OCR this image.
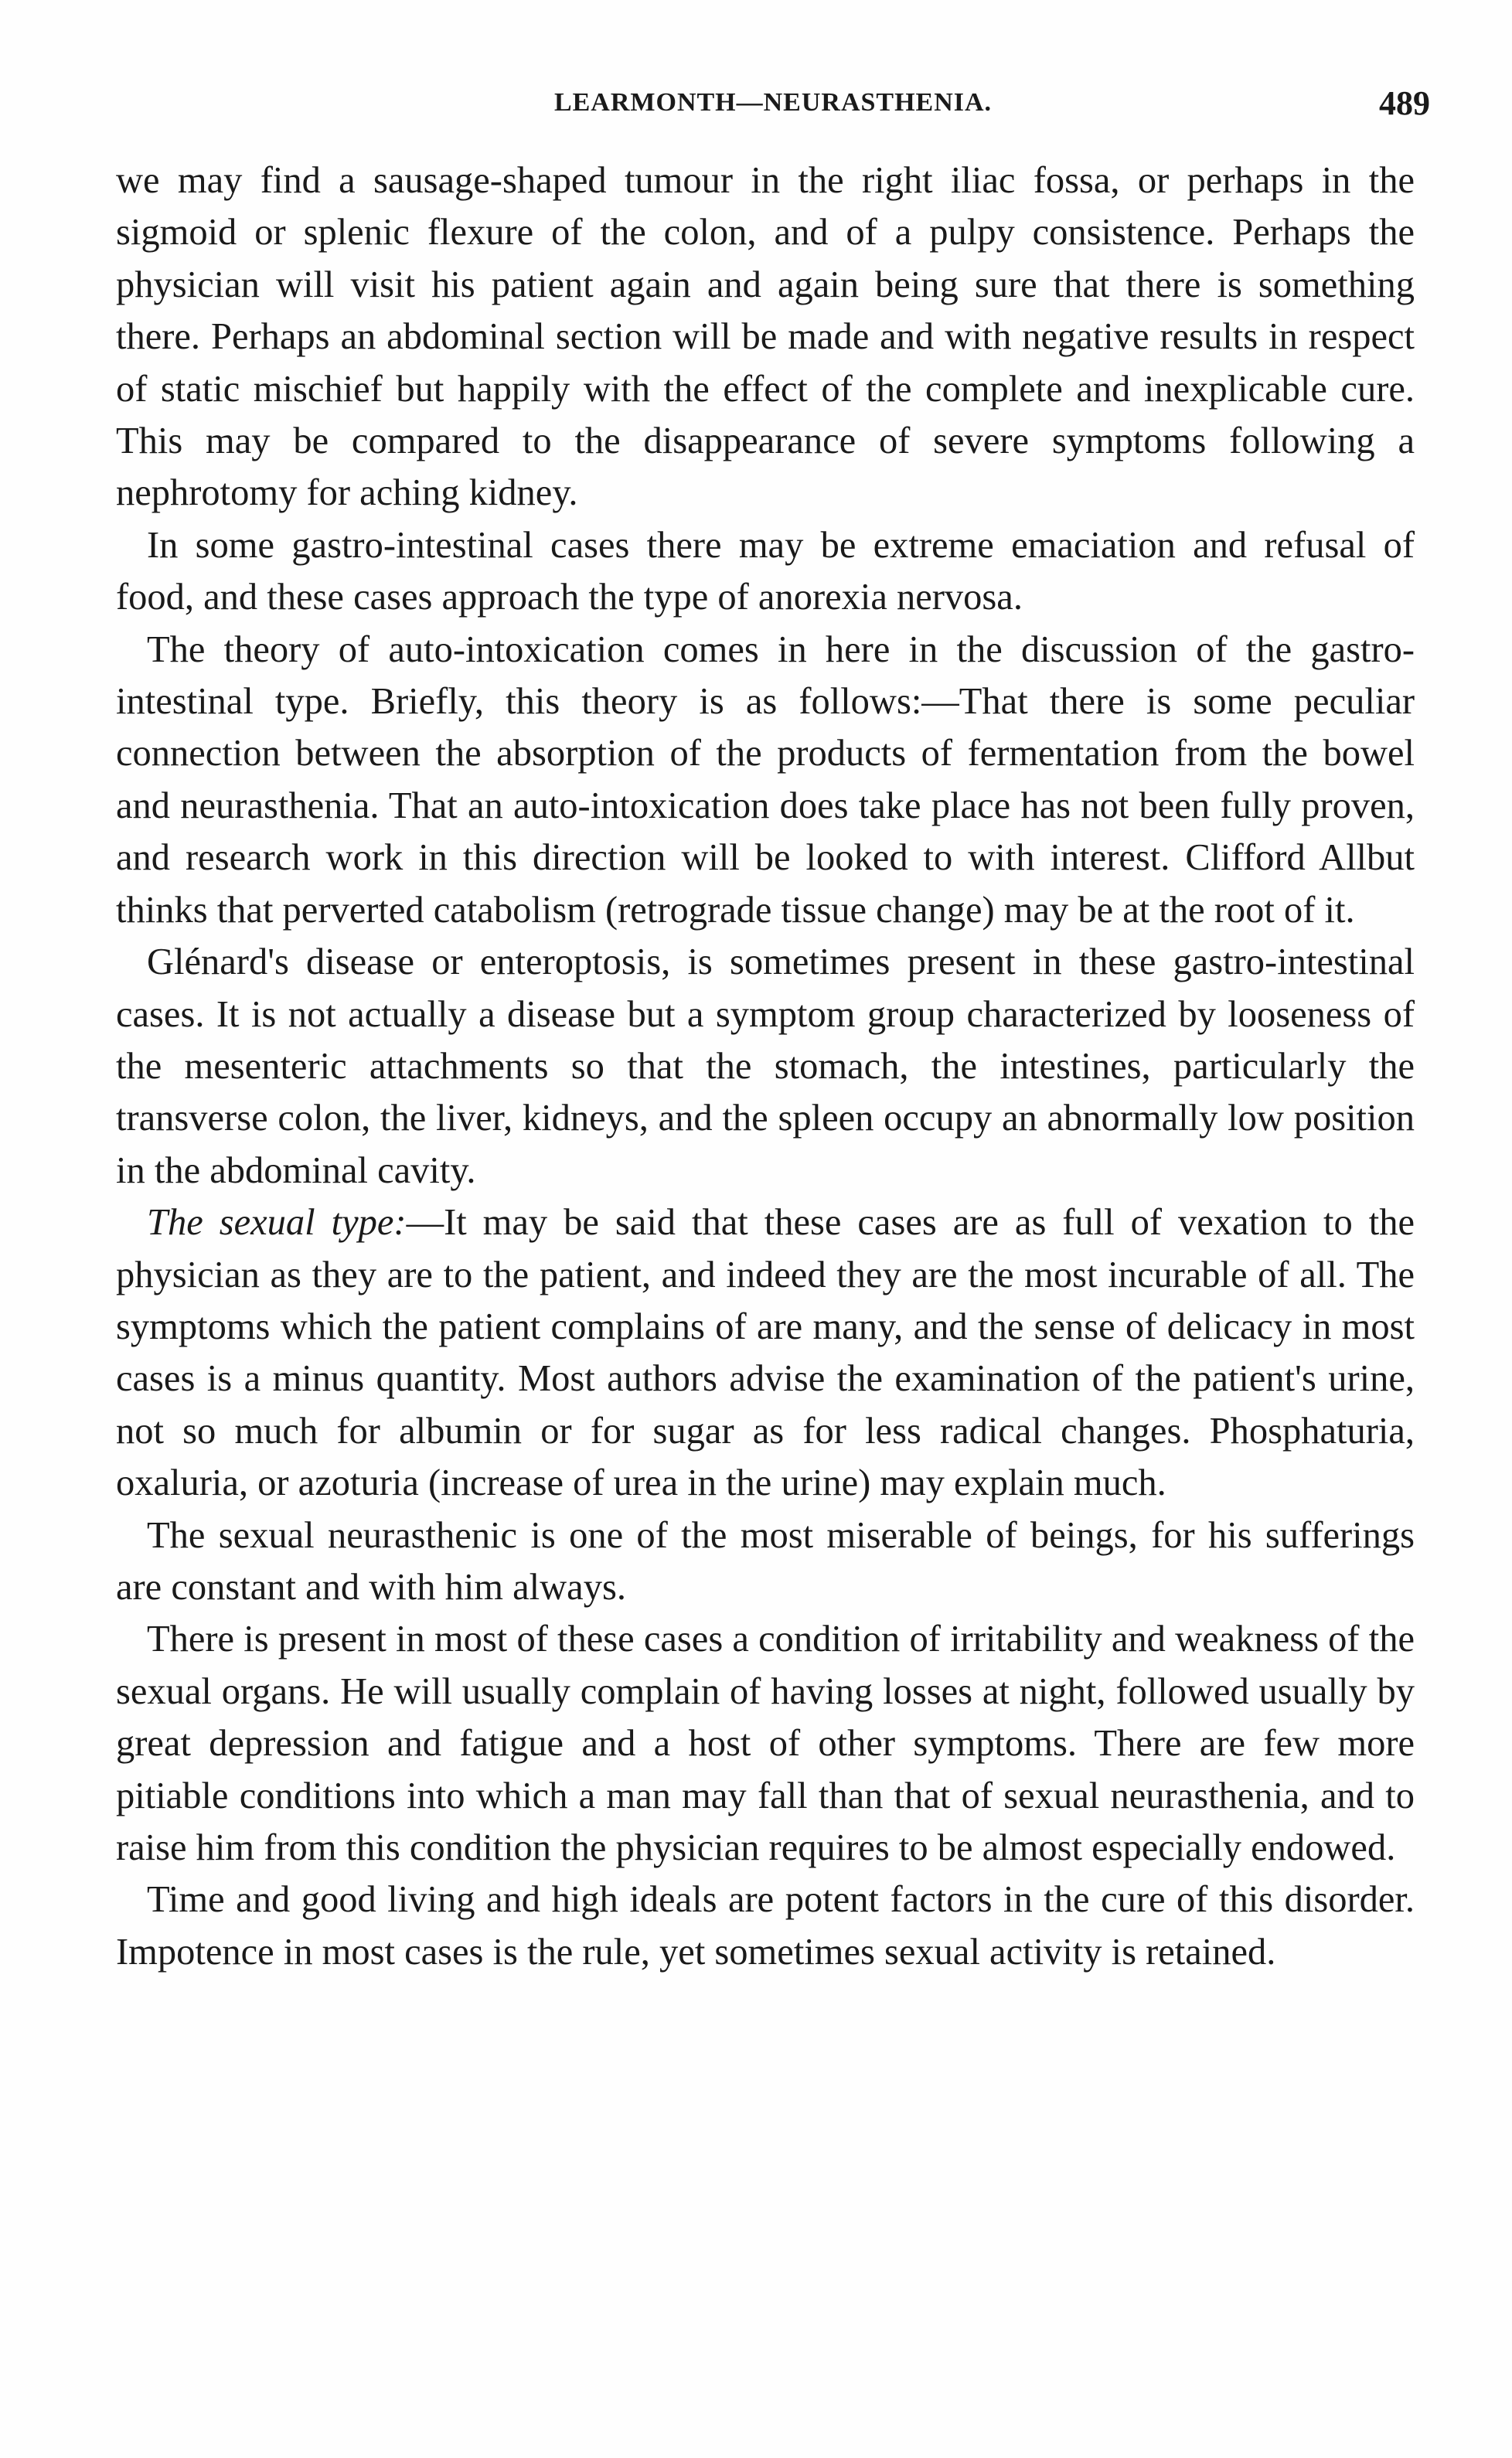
LEARMONTH—NEURASTHENIA.	489

we may find a sausage-shaped tumour in the right iliac fossa, or perhaps in the sigmoid or splenic flexure of the colon, and of a pulpy consistence. Perhaps the physician will visit his patient again and again being sure that there is something there. Perhaps an abdominal section will be made and with negative results in respect of static mischief but happily with the effect of the complete and inexplicable cure. This may be compared to the disappearance of severe symptoms following a nephrotomy for aching kidney.

In some gastro-intestinal cases there may be extreme emaciation and refusal of food, and these cases approach the type of anorexia nervosa.

The theory of auto-intoxication comes in here in the discussion of the gastro-intestinal type. Briefly, this theory is as follows:—That there is some peculiar connection between the absorption of the products of fermentation from the bowel and neurasthenia. That an auto-intoxication does take place has not been fully proven, and research work in this direction will be looked to with interest. Clifford Allbut thinks that perverted catabolism (retrograde tissue change) may be at the root of it.

Glénard's disease or enteroptosis, is sometimes present in these gastro-intestinal cases. It is not actually a disease but a symptom group characterized by looseness of the mesenteric attachments so that the stomach, the intestines, particularly the transverse colon, the liver, kidneys, and the spleen occupy an abnormally low position in the abdominal cavity.

The sexual type:—It may be said that these cases are as full of vexation to the physician as they are to the patient, and indeed they are the most incurable of all. The symptoms which the patient complains of are many, and the sense of delicacy in most cases is a minus quantity. Most authors advise the examination of the patient's urine, not so much for albumin or for sugar as for less radical changes. Phosphaturia, oxaluria, or azoturia (increase of urea in the urine) may explain much.

The sexual neurasthenic is one of the most miserable of beings, for his sufferings are constant and with him always.

There is present in most of these cases a condition of irritability and weakness of the sexual organs. He will usually complain of having losses at night, followed usually by great depression and fatigue and a host of other symptoms. There are few more pitiable conditions into which a man may fall than that of sexual neurasthenia, and to raise him from this condition the physician requires to be almost especially endowed.

Time and good living and high ideals are potent factors in the cure of this disorder. Impotence in most cases is the rule, yet sometimes sexual activity is retained.
